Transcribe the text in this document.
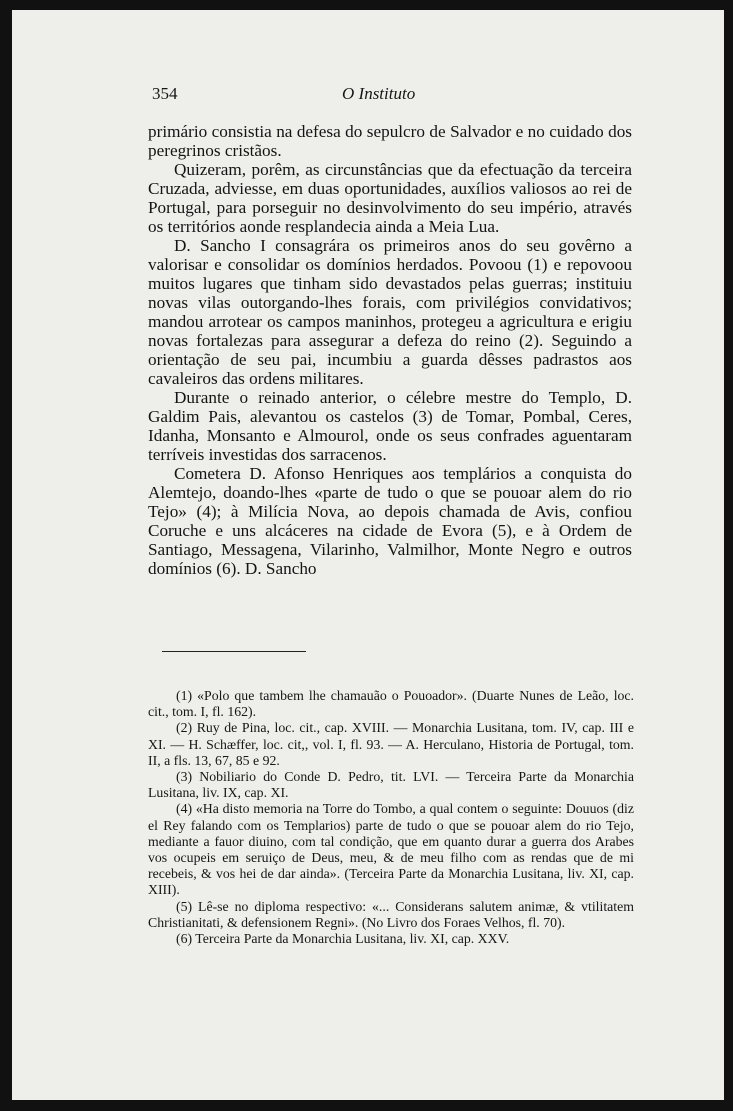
354	O Instituto

primário consistia na defesa do sepulcro de Salvador e no cuidado dos peregrinos cristãos.

Quizeram, porêm, as circunstâncias que da efectuação da terceira Cruzada, adviesse, em duas oportunidades, auxílios valiosos ao rei de Portugal, para porseguir no desinvolvimento do seu império, através os territórios aonde resplandecia ainda a Meia Lua.

D. Sancho I consagrára os primeiros anos do seu govêrno a valorisar e consolidar os domínios herdados. Povoou (1) e repovoou muitos lugares que tinham sido devastados pelas guerras; instituiu novas vilas outorgando-lhes forais, com privilégios convidativos; mandou arrotear os campos maninhos, protegeu a agricultura e erigiu novas fortalezas para assegurar a defeza do reino (2). Seguindo a orientação de seu pai, incumbiu a guarda dêsses padrastos aos cavaleiros das ordens militares.

Durante o reinado anterior, o célebre mestre do Templo, D. Galdim Pais, alevantou os castelos (3) de Tomar, Pombal, Ceres, Idanha, Monsanto e Almourol, onde os seus confrades aguentaram terríveis investidas dos sarracenos.

Cometera D. Afonso Henriques aos templários a conquista do Alemtejo, doando-lhes «parte de tudo o que se pouoar alem do rio Tejo» (4); à Milícia Nova, ao depois chamada de Avis, confiou Coruche e uns alcáceres na cidade de Evora (5), e à Ordem de Santiago, Messagena, Vilarinho, Valmilhor, Monte Negro e outros domínios (6). D. Sancho

(1) «Polo que tambem lhe chamauão o Pouoador». (Duarte Nunes de Leão, loc. cit., tom. I, fl. 162).

(2) Ruy de Pina, loc. cit., cap. XVIII. — Monarchia Lusitana, tom. IV, cap. III e XI. — H. Schæffer, loc. cit,, vol. I, fl. 93. — A. Herculano, Historia de Portugal, tom. II, a fls. 13, 67, 85 e 92.

(3) Nobiliario do Conde D. Pedro, tit. LVI. — Terceira Parte da Monarchia Lusitana, liv. IX, cap. XI.

(4) «Ha disto memoria na Torre do Tombo, a qual contem o seguinte: Douuos (diz el Rey falando com os Templarios) parte de tudo o que se pouoar alem do rio Tejo, mediante a fauor diuino, com tal condição, que em quanto durar a guerra dos Arabes vos ocupeis em seruiço de Deus, meu, & de meu filho com as rendas que de mi recebeis, & vos hei de dar ainda». (Terceira Parte da Monarchia Lusitana, liv. XI, cap. XIII).

(5) Lê-se no diploma respectivo: «... Considerans salutem animæ, & vtilitatem Christianitati, & defensionem Regni». (No Livro dos Foraes Velhos, fl. 70).

(6) Terceira Parte da Monarchia Lusitana, liv. XI, cap. XXV.
